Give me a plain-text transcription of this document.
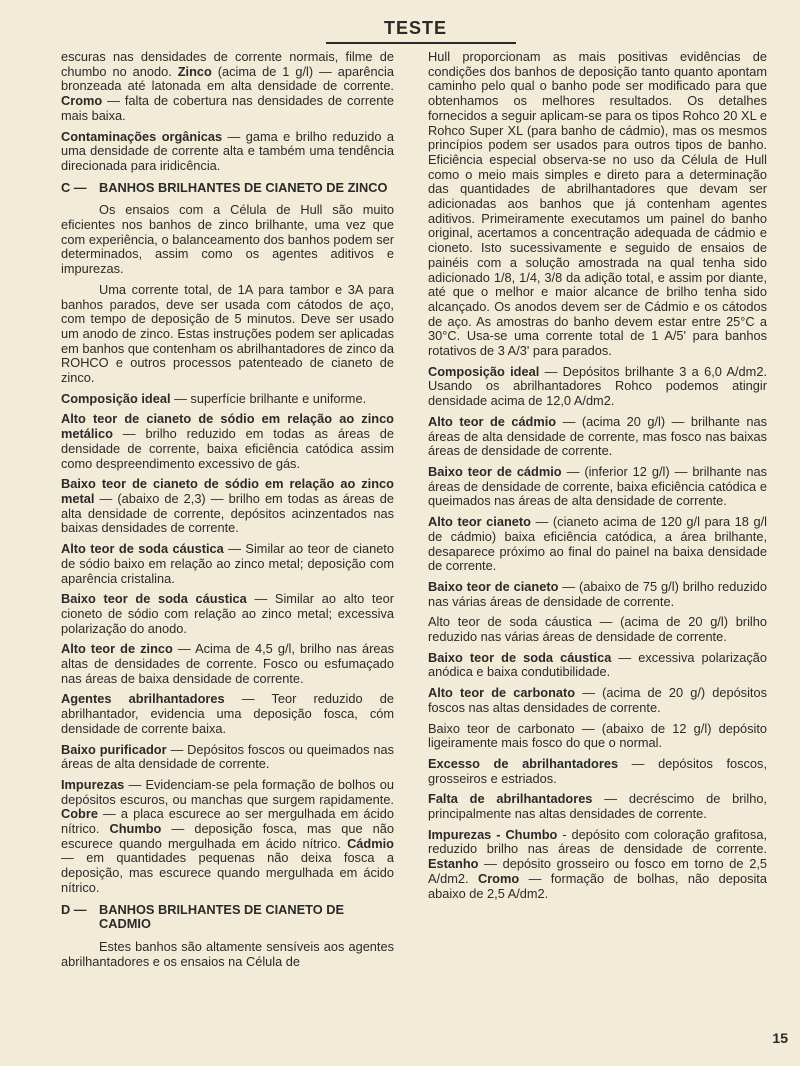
TESTE

escuras nas densidades de corrente normais, filme de chumbo no anodo. Zinco (acima de 1 g/l) — aparência bronzeada até latonada em alta densidade de corrente. Cromo — falta de cobertura nas densidades de corrente mais baixa.

Contaminações orgânicas — gama e brilho reduzido a uma densidade de corrente alta e também uma tendência direcionada para iridicência.

C — BANHOS BRILHANTES DE CIANETO DE ZINCO

Os ensaios com a Célula de Hull são muito eficientes nos banhos de zinco brilhante, uma vez que com experiência, o balanceamento dos banhos podem ser determinados, assim como os agentes aditivos e impurezas.

Uma corrente total, de 1A para tambor e 3A para banhos parados, deve ser usada com cátodos de aço, com tempo de deposição de 5 minutos. Deve ser usado um anodo de zinco. Estas instruções podem ser aplicadas em banhos que contenham os abrilhantadores de zinco da ROHCO e outros processos patenteado de cianeto de zinco.

Composição ideal — superfície brilhante e uniforme.

Alto teor de cianeto de sódio em relação ao zinco metálico — brilho reduzido em todas as áreas de densidade de corrente, baixa eficiência catódica assim como despreendimento excessivo de gás.

Baixo teor de cianeto de sódio em relação ao zinco metal — (abaixo de 2,3) — brilho em todas as áreas de alta densidade de corrente, depósitos acinzentados nas baixas densidades de corrente.

Alto teor de soda cáustica — Similar ao teor de cianeto de sódio baixo em relação ao zinco metal; deposição com aparência cristalina.

Baixo teor de soda cáustica — Similar ao alto teor cioneto de sódio com relação ao zinco metal; excessiva polarização do anodo.

Alto teor de zinco — Acima de 4,5 g/l, brilho nas áreas altas de densidades de corrente. Fosco ou esfumaçado nas áreas de baixa densidade de corrente.

Agentes abrilhantadores — Teor reduzido de abrilhantador, evidencia uma deposição fosca, cóm densidade de corrente baixa.

Baixo purificador — Depósitos foscos ou queimados nas áreas de alta densidade de corrente.

Impurezas — Evidenciam-se pela formação de bolhos ou depósitos escuros, ou manchas que surgem rapidamente. Cobre — a placa escurece ao ser mergulhada em ácido nítrico. Chumbo — deposição fosca, mas que não escurece quando mergulhada em ácido nítrico. Cádmio — em quantidades pequenas não deixa fosca a deposição, mas escurece quando mergulhada em ácido nítrico.

D — BANHOS BRILHANTES DE CIANETO DE CADMIO

Estes banhos são altamente sensíveis aos agentes abrilhantadores e os ensaios na Célula de

Hull proporcionam as mais positivas evidências de condições dos banhos de deposição tanto quanto apontam caminho pelo qual o banho pode ser modificado para que obtenhamos os melhores resultados. Os detalhes fornecidos a seguir aplicam-se para os tipos Rohco 20 XL e Rohco Super XL (para banho de cádmio), mas os mesmos princípios podem ser usados para outros tipos de banho. Eficiência especial observa-se no uso da Célula de Hull como o meio mais simples e direto para a determinação das quantidades de abrilhantadores que devam ser adicionadas aos banhos que já contenham agentes aditivos. Primeiramente executamos um painel do banho original, acertamos a concentração adequada de cádmio e cioneto. Isto sucessivamente e seguido de ensaios de painéis com a solução amostrada na qual tenha sido adicionado 1/8, 1/4, 3/8 da adição total, e assim por diante, até que o melhor e maior alcance de brilho tenha sido alcançado. Os anodos devem ser de Cádmio e os cátodos de aço. As amostras do banho devem estar entre 25°C a 30°C. Usa-se uma corrente total de 1 A/5' para banhos rotativos de 3 A/3' para parados.

Composição ideal — Depósitos brilhante 3 a 6,0 A/dm2. Usando os abrilhantadores Rohco podemos atingir densidade acima de 12,0 A/dm2.

Alto teor de cádmio — (acima 20 g/l) — brilhante nas áreas de alta densidade de corrente, mas fosco nas baixas áreas de densidade de corrente.

Baixo teor de cádmio — (inferior 12 g/l) — brilhante nas áreas de densidade de corrente, baixa eficiência catódica e queimados nas áreas de alta densidade de corrente.

Alto teor cianeto — (cianeto acima de 120 g/l para 18 g/l de cádmio) baixa eficiência catódica, a área brilhante, desaparece próximo ao final do painel na baixa densidade de corrente.

Baixo teor de cianeto — (abaixo de 75 g/l) brilho reduzido nas várias áreas de densidade de corrente.

Alto teor de soda cáustica — (acima de 20 g/l) brilho reduzido nas várias áreas de densidade de corrente.

Baixo teor de soda cáustica — excessiva polarização anódica e baixa condutibilidade.

Alto teor de carbonato — (acima de 20 g/) depósitos foscos nas altas densidades de corrente.

Baixo teor de carbonato — (abaixo de 12 g/l) depósito ligeiramente mais fosco do que o normal.

Excesso de abrilhantadores — depósitos foscos, grosseiros e estriados.

Falta de abrilhantadores — decréscimo de brilho, principalmente nas altas densidades de corrente.

Impurezas - Chumbo - depósito com coloração grafitosa, reduzido brilho nas áreas de densidade de corrente. Estanho — depósito grosseiro ou fosco em torno de 2,5 A/dm2. Cromo — formação de bolhas, não deposita abaixo de 2,5 A/dm2.

15
